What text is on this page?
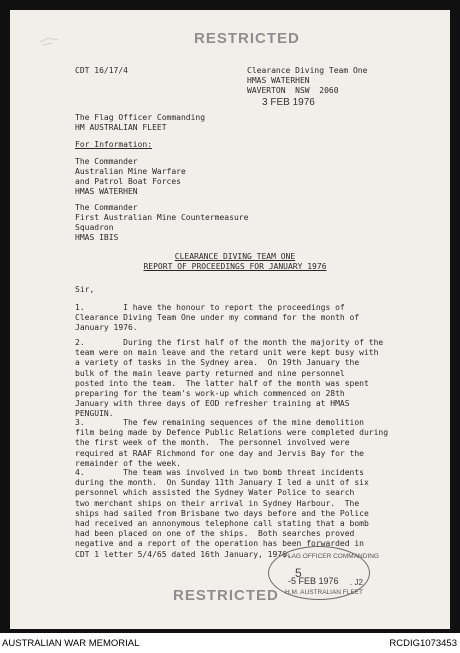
RESTRICTED

CDT 16/17/4	Clearance Diving Team One

HMAS WATERHEN

WAVERTON  NSW  2060

3 FEB 1976

The Flag Officer Commanding

HM AUSTRALIAN FLEET

For Information:

The Commander

Australian Mine Warfare

and Patrol Boat Forces

HMAS WATERHEN

The Commander

First Australian Mine Countermeasure

Squadron

HMAS IBIS

CLEARANCE DIVING TEAM ONE

REPORT OF PROCEEDINGS FOR JANUARY 1976

Sir,

1.        I have the honour to report the proceedings of
Clearance Diving Team One under my command for the month of
January 1976.

2.        During the first half of the month the majority of the
team were on main leave and the retard unit were kept busy with
a variety of tasks in the Sydney area.  On 19th January the
bulk of the main leave party returned and nine personnel
posted into the team.  The latter half of the month was spent
preparing for the team's work-up which commenced on 28th
January with three days of EOD refresher training at HMAS
PENGUIN.

3.        The few remaining sequences of the mine demolition
film being made by Defence Public Relations were completed during
the first week of the month.  The personnel involved were
required at RAAF Richmond for one day and Jervis Bay for the
remainder of the week.

4.        The team was involved in two bomb threat incidents
during the month.  On Sunday 11th January I led a unit of six
personnel which assisted the Sydney Water Police to search
two merchant ships on their arrival in Sydney Harbour.  The
ships had sailed from Brisbane two days before and the Police
had received an annonymous telephone call stating that a bomb
had been placed on one of the ships.  Both searches proved
negative and a report of the operation has been forwarded in
CDT 1 letter 5/4/65 dated 16th January, 1976.

FLAG OFFICER COMMANDING
5
-5 FEB 1976 . J2
H.M. AUSTRALIAN FLEET
RESTRICTED
AUSTRALIAN WAR MEMORIAL	RCDIG1073453
